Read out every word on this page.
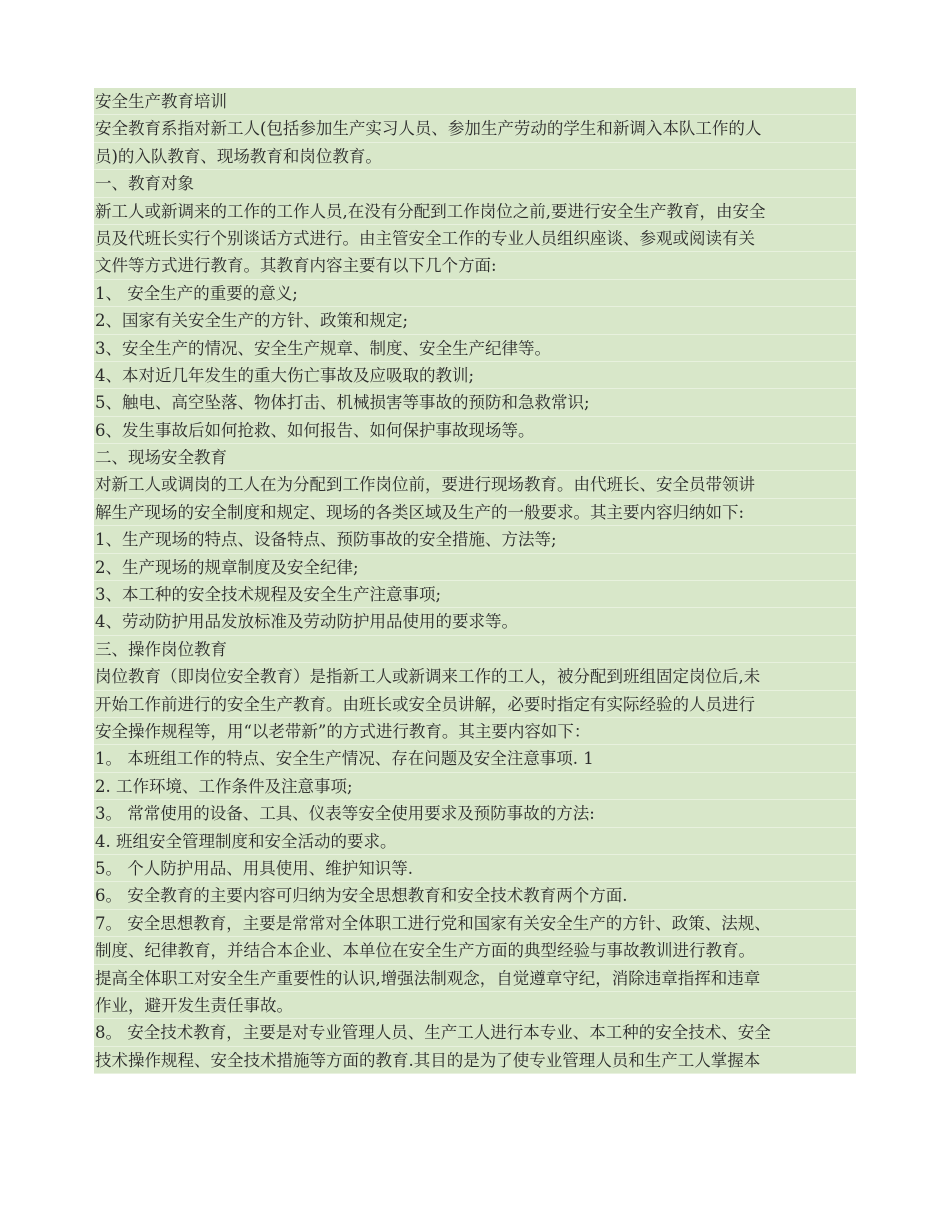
安全生产教育培训
安全教育系指对新工人(包括参加生产实习人员、参加生产劳动的学生和新调入本队工作的人
员)的入队教育、现场教育和岗位教育。
一、教育对象
新工人或新调来的工作的工作人员,在没有分配到工作岗位之前,要进行安全生产教育，由安全
员及代班长实行个别谈话方式进行。由主管安全工作的专业人员组织座谈、参观或阅读有关
文件等方式进行教育。其教育内容主要有以下几个方面:
1、 安全生产的重要的意义;
2、国家有关安全生产的方针、政策和规定;
3、安全生产的情况、安全生产规章、制度、安全生产纪律等。
4、本对近几年发生的重大伤亡事故及应吸取的教训;
5、触电、高空坠落、物体打击、机械损害等事故的预防和急救常识;
6、发生事故后如何抢救、如何报告、如何保护事故现场等。
二、现场安全教育
对新工人或调岗的工人在为分配到工作岗位前，要进行现场教育。由代班长、安全员带领讲
解生产现场的安全制度和规定、现场的各类区域及生产的一般要求。其主要内容归纳如下:
1、生产现场的特点、设备特点、预防事故的安全措施、方法等;
2、生产现场的规章制度及安全纪律;
3、本工种的安全技术规程及安全生产注意事项;
4、劳动防护用品发放标准及劳动防护用品使用的要求等。
三、操作岗位教育
岗位教育（即岗位安全教育）是指新工人或新调来工作的工人，被分配到班组固定岗位后,未
开始工作前进行的安全生产教育。由班长或安全员讲解，必要时指定有实际经验的人员进行
安全操作规程等，用“以老带新”的方式进行教育。其主要内容如下：
1。 本班组工作的特点、安全生产情况、存在问题及安全注意事项. 1
2. 工作环境、工作条件及注意事项;
3。 常常使用的设备、工具、仪表等安全使用要求及预防事故的方法:
4. 班组安全管理制度和安全活动的要求。
5。 个人防护用品、用具使用、维护知识等.
6。 安全教育的主要内容可归纳为安全思想教育和安全技术教育两个方面.
7。 安全思想教育，主要是常常对全体职工进行党和国家有关安全生产的方针、政策、法规、
制度、纪律教育，并结合本企业、本单位在安全生产方面的典型经验与事故教训进行教育。
提高全体职工对安全生产重要性的认识,增强法制观念，自觉遵章守纪，消除违章指挥和违章
作业，避开发生责任事故。
8。 安全技术教育，主要是对专业管理人员、生产工人进行本专业、本工种的安全技术、安全
技术操作规程、安全技术措施等方面的教育.其目的是为了使专业管理人员和生产工人掌握本
